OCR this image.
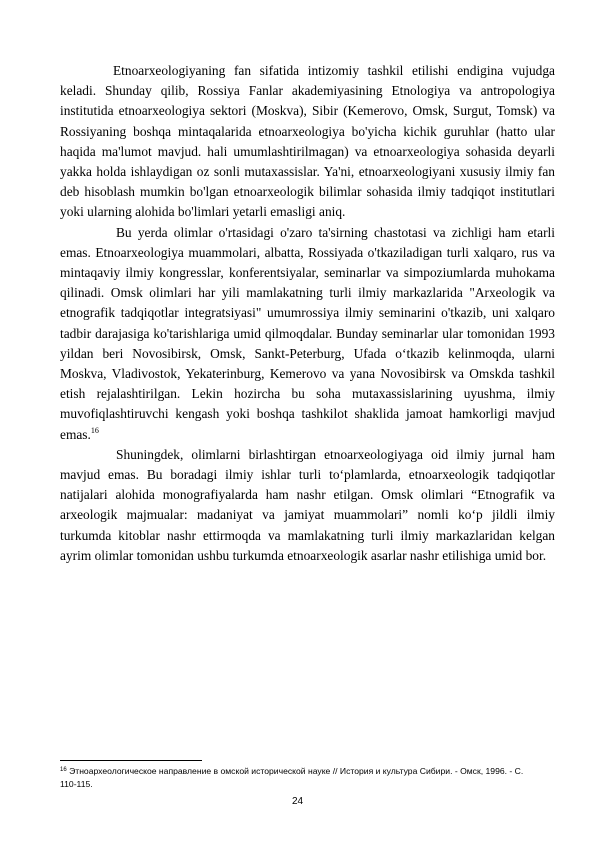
Etnoarxeologiyaning fan sifatida intizomiy tashkil etilishi endigina vujudga keladi. Shunday qilib, Rossiya Fanlar akademiyasining Etnologiya va antropologiya institutida etnoarxeologiya sektori (Moskva), Sibir (Kemerovo, Omsk, Surgut, Tomsk) va Rossiyaning boshqa mintaqalarida etnoarxeologiya bo'yicha kichik guruhlar (hatto ular haqida ma'lumot mavjud. hali umumlashtirilmagan) va etnoarxeologiya sohasida deyarli yakka holda ishlaydigan oz sonli mutaxassislar. Ya'ni, etnoarxeologiyani xususiy ilmiy fan deb hisoblash mumkin bo'lgan etnoarxeologik bilimlar sohasida ilmiy tadqiqot institutlari yoki ularning alohida bo'limlari yetarli emasligi aniq.

Bu yerda olimlar o'rtasidagi o'zaro ta'sirning chastotasi va zichligi ham etarli emas. Etnoarxeologiya muammolari, albatta, Rossiyada o'tkaziladigan turli xalqaro, rus va mintaqaviy ilmiy kongresslar, konferentsiyalar, seminarlar va simpoziumlarda muhokama qilinadi. Omsk olimlari har yili mamlakatning turli ilmiy markazlarida "Arxeologik va etnografik tadqiqotlar integratsiyasi" umumrossiya ilmiy seminarini o'tkazib, uni xalqaro tadbir darajasiga ko'tarishlariga umid qilmoqdalar. Bunday seminarlar ular tomonidan 1993 yildan beri Novosibirsk, Omsk, Sankt-Peterburg, Ufada o‘tkazib kelinmoqda, ularni Moskva, Vladivostok, Yekaterinburg, Kemerovo va yana Novosibirsk va Omskda tashkil etish rejalashtirilgan. Lekin hozircha bu soha mutaxassislarining uyushma, ilmiy muvofiqlashtiruvchi kengash yoki boshqa tashkilot shaklida jamoat hamkorligi mavjud emas.$^{16}$

Shuningdek, olimlarni birlashtirgan etnoarxeologiyaga oid ilmiy jurnal ham mavjud emas. Bu boradagi ilmiy ishlar turli to‘plamlarda, etnoarxeologik tadqiqotlar natijalari alohida monografiyalarda ham nashr etilgan. Omsk olimlari “Etnografik va arxeologik majmualar: madaniyat va jamiyat muammolari” nomli ko‘p jildli ilmiy turkumda kitoblar nashr ettirmoqda va mamlakatning turli ilmiy markazlaridan kelgan ayrim olimlar tomonidan ushbu turkumda etnoarxeologik asarlar nashr etilishiga umid bor.

$^{16}$ Этноархеологическое направление в омской исторической науке // История и культура Сибири. - Омск, 1996. - С. 110-115.
24
